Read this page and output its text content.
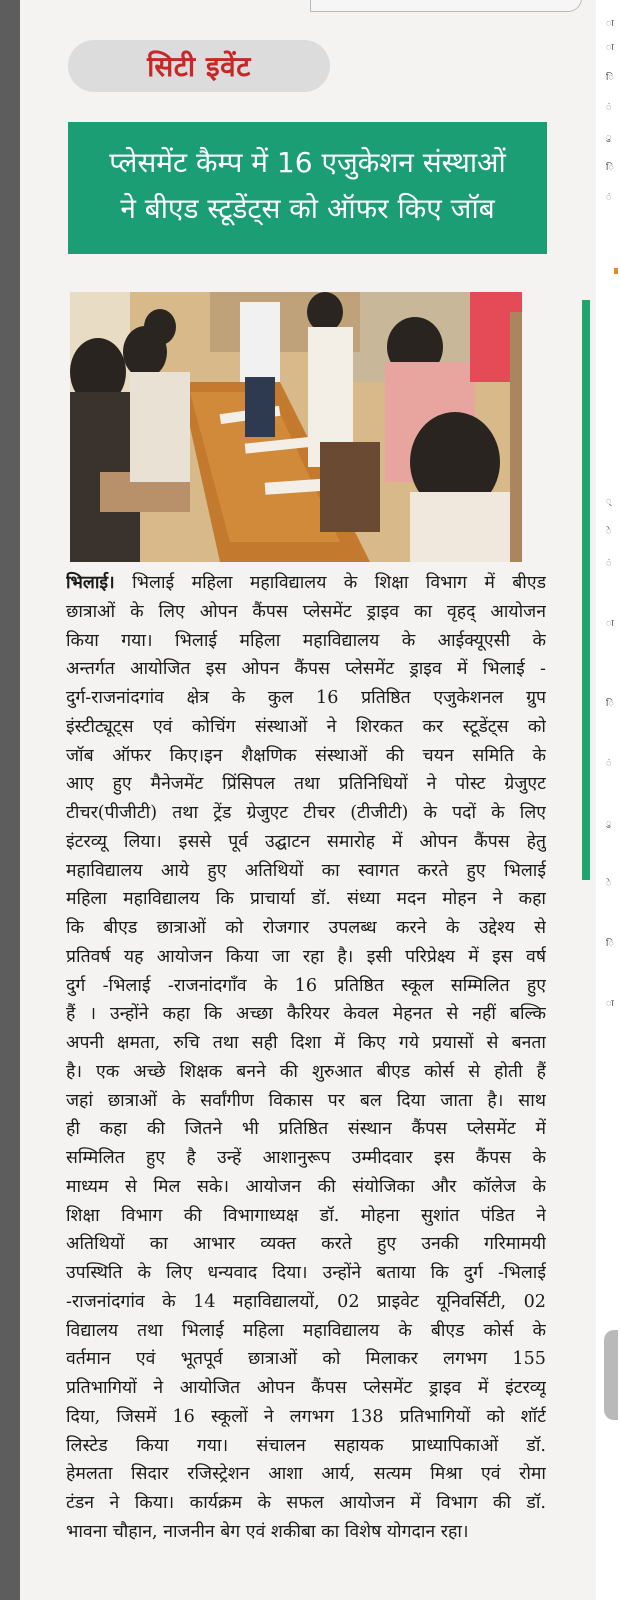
ा
ा
ि
ं
ु
ि
ं
्
े
ं
ा
ि
ं
ु
े
ि
ा
सिटी इवेंट
प्लेसमेंट कैम्प में 16 एजुकेशन संस्थाओं
ने बीएड स्टूडेंट्स को ऑफर किए जॉब
भिलाई। भिलाई महिला महाविद्यालय के शिक्षा विभाग में बीएड
छात्राओं के लिए ओपन कैंपस प्लेसमेंट ड्राइव का वृहद् आयोजन
किया गया। भिलाई महिला महाविद्यालय के आईक्यूएसी के
अन्तर्गत आयोजित इस ओपन कैंपस प्लेसमेंट ड्राइव में भिलाई -
दुर्ग-राजनांदगांव क्षेत्र के कुल 16 प्रतिष्ठित एजुकेशनल ग्रुप
इंस्टीट्यूट्स एवं कोचिंग संस्थाओं ने शिरकत कर स्टूडेंट्स को
जॉब ऑफर किए।इन शैक्षणिक संस्थाओं की चयन समिति के
आए हुए मैनेजमेंट प्रिंसिपल तथा प्रतिनिधियों ने पोस्ट ग्रेजुएट
टीचर(पीजीटी) तथा ट्रेंड ग्रेजुएट टीचर (टीजीटी) के पदों के लिए
इंटरव्यू लिया। इससे पूर्व उद्घाटन समारोह में ओपन कैंपस हेतु
महाविद्यालय आये हुए अतिथियों का स्वागत करते हुए भिलाई
महिला महाविद्यालय कि प्राचार्या डॉ. संध्या मदन मोहन ने कहा
कि बीएड छात्राओं को रोजगार उपलब्ध करने के उद्देश्य से
प्रतिवर्ष यह आयोजन किया जा रहा है। इसी परिप्रेक्ष्य में इस वर्ष
दुर्ग -भिलाई -राजनांदगाँव के 16 प्रतिष्ठित स्कूल सम्मिलित हुए
हैं । उन्होंने कहा कि अच्छा कैरियर केवल मेहनत से नहीं बल्कि
अपनी क्षमता, रुचि तथा सही दिशा में किए गये प्रयासों से बनता
है। एक अच्छे शिक्षक बनने की शुरुआत बीएड कोर्स से होती हैं
जहां छात्राओं के सर्वांगीण विकास पर बल दिया जाता है। साथ
ही कहा की जितने भी प्रतिष्ठित संस्थान कैंपस प्लेसमेंट में
सम्मिलित हुए है उन्हें आशानुरूप उम्मीदवार इस कैंपस के
माध्यम से मिल सके। आयोजन की संयोजिका और कॉलेज के
शिक्षा विभाग की विभागाध्यक्ष डॉ. मोहना सुशांत पंडित ने
अतिथियों का आभार व्यक्त करते हुए उनकी गरिमामयी
उपस्थिति के लिए धन्यवाद दिया। उन्होंने बताया कि दुर्ग -भिलाई
-राजनांदगांव के 14 महाविद्यालयों, 02 प्राइवेट यूनिवर्सिटी, 02
विद्यालय तथा भिलाई महिला महाविद्यालय के बीएड कोर्स के
वर्तमान एवं भूतपूर्व छात्राओं को मिलाकर लगभग 155
प्रतिभागियों ने आयोजित ओपन कैंपस प्लेसमेंट ड्राइव में इंटरव्यू
दिया, जिसमें 16 स्कूलों ने लगभग 138 प्रतिभागियों को शॉर्ट
लिस्टेड किया गया। संचालन सहायक प्राध्यापिकाओं डॉ.
हेमलता सिदार रजिस्ट्रेशन आशा आर्य, सत्यम मिश्रा एवं रोमा
टंडन ने किया। कार्यक्रम के सफल आयोजन में विभाग की डॉ.
भावना चौहान, नाजनीन बेग एवं शकीबा का विशेष योगदान रहा।
